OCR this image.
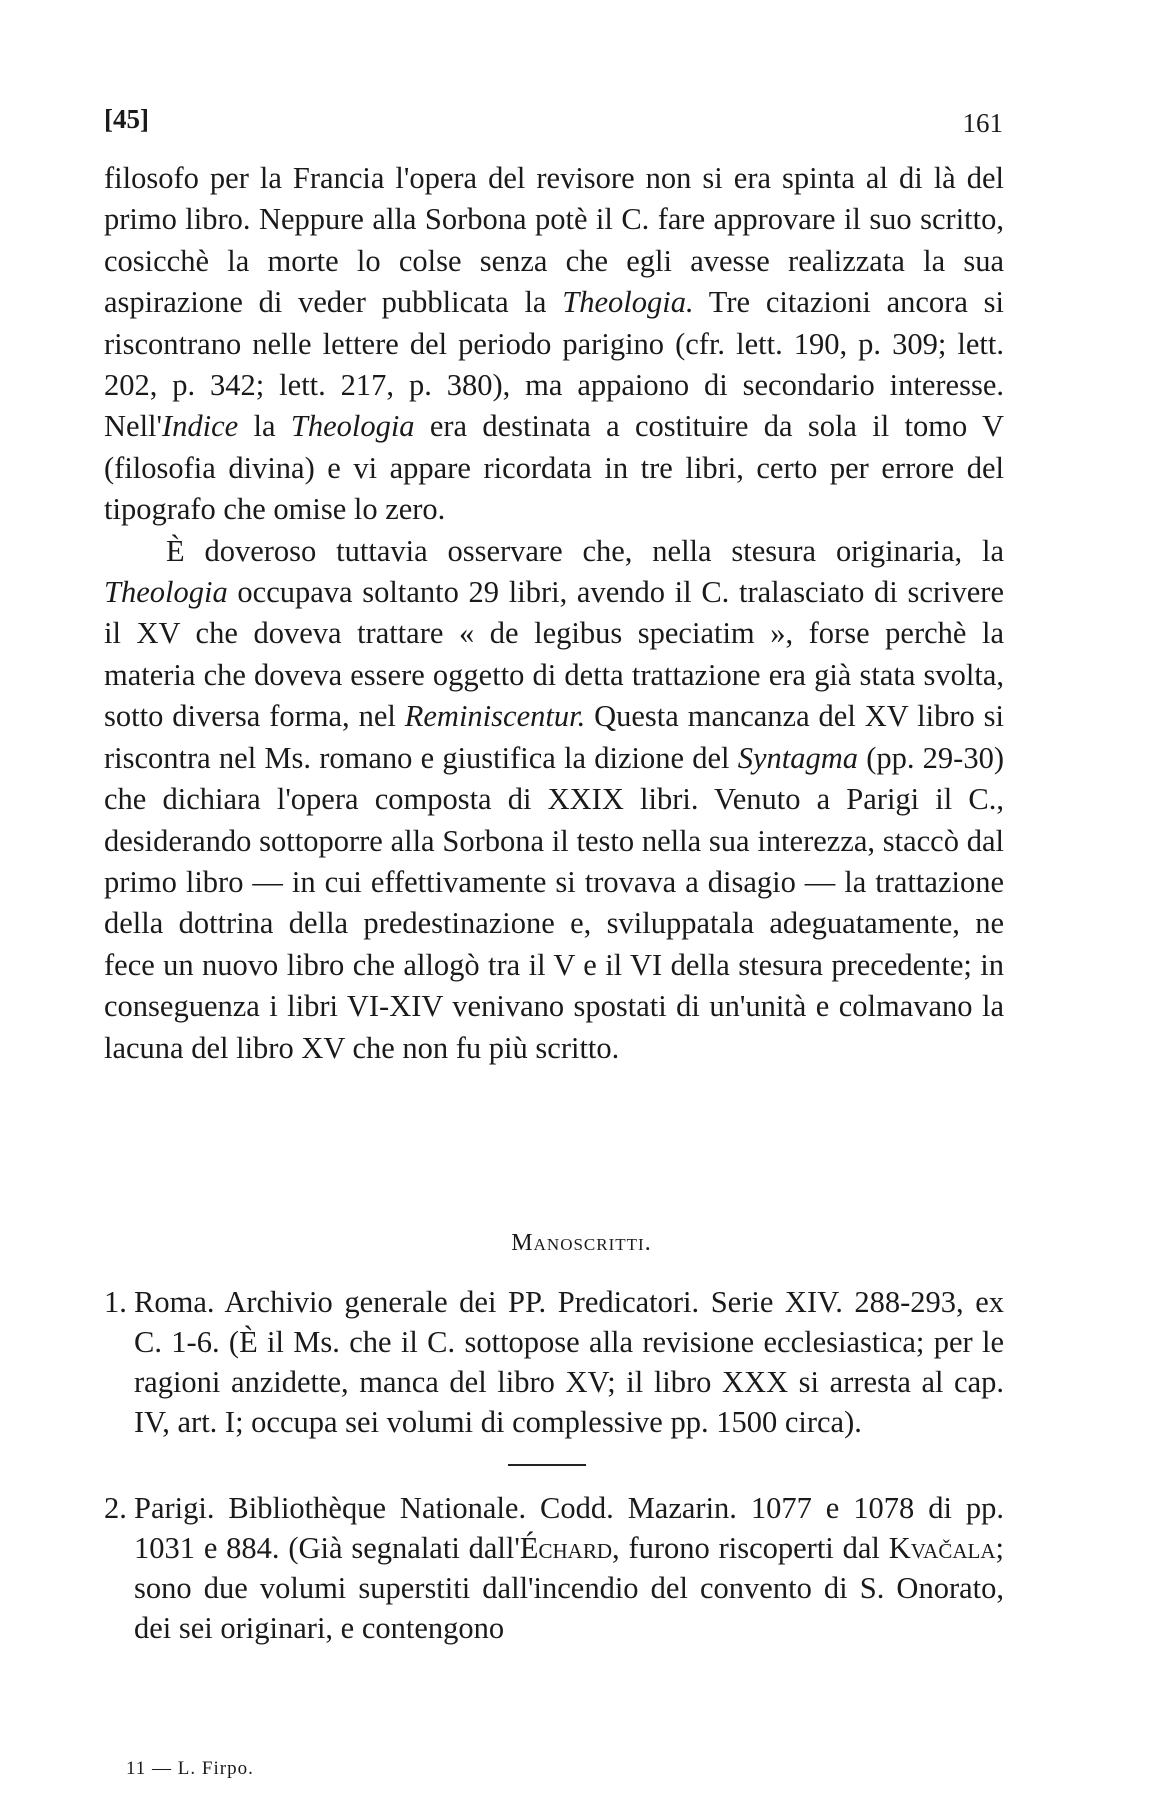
[45]	161

filosofo per la Francia l'opera del revisore non si era spinta al di là del primo libro. Neppure alla Sorbona potè il C. fare approvare il suo scritto, cosicchè la morte lo colse senza che egli avesse realizzata la sua aspirazione di veder pubblicata la Theologia. Tre citazioni ancora si riscontrano nelle lettere del periodo parigino (cfr. lett. 190, p. 309; lett. 202, p. 342; lett. 217, p. 380), ma appaiono di secondario interesse. Nell'Indice la Theologia era destinata a costituire da sola il tomo V (filosofia divina) e vi appare ricordata in tre libri, certo per errore del tipografo che omise lo zero.

È doveroso tuttavia osservare che, nella stesura originaria, la Theologia occupava soltanto 29 libri, avendo il C. tralasciato di scrivere il XV che doveva trattare « de legibus speciatim », forse perchè la materia che doveva essere oggetto di detta trattazione era già stata svolta, sotto diversa forma, nel Reminiscentur. Questa mancanza del XV libro si riscontra nel Ms. romano e giustifica la dizione del Syntagma (pp. 29-30) che dichiara l'opera composta di XXIX libri. Venuto a Parigi il C., desiderando sottoporre alla Sorbona il testo nella sua interezza, staccò dal primo libro — in cui effettivamente si trovava a disagio — la trattazione della dottrina della predestinazione e, sviluppatala adeguatamente, ne fece un nuovo libro che allogò tra il V e il VI della stesura precedente; in conseguenza i libri VI-XIV venivano spostati di un'unità e colmavano la lacuna del libro XV che non fu più scritto.

Manoscritti.
1. Roma. Archivio generale dei PP. Predicatori. Serie XIV. 288-293, ex C. 1-6. (È il Ms. che il C. sottopose alla revisione ecclesiastica; per le ragioni anzidette, manca del libro XV; il libro XXX si arresta al cap. IV, art. I; occupa sei volumi di complessive pp. 1500 circa).
2. Parigi. Bibliothèque Nationale. Codd. Mazarin. 1077 e 1078 di pp. 1031 e 884. (Già segnalati dall'Échard, furono riscoperti dal Kvačala; sono due volumi superstiti dall'incendio del convento di S. Onorato, dei sei originari, e contengono
11 — L. Firpo.
